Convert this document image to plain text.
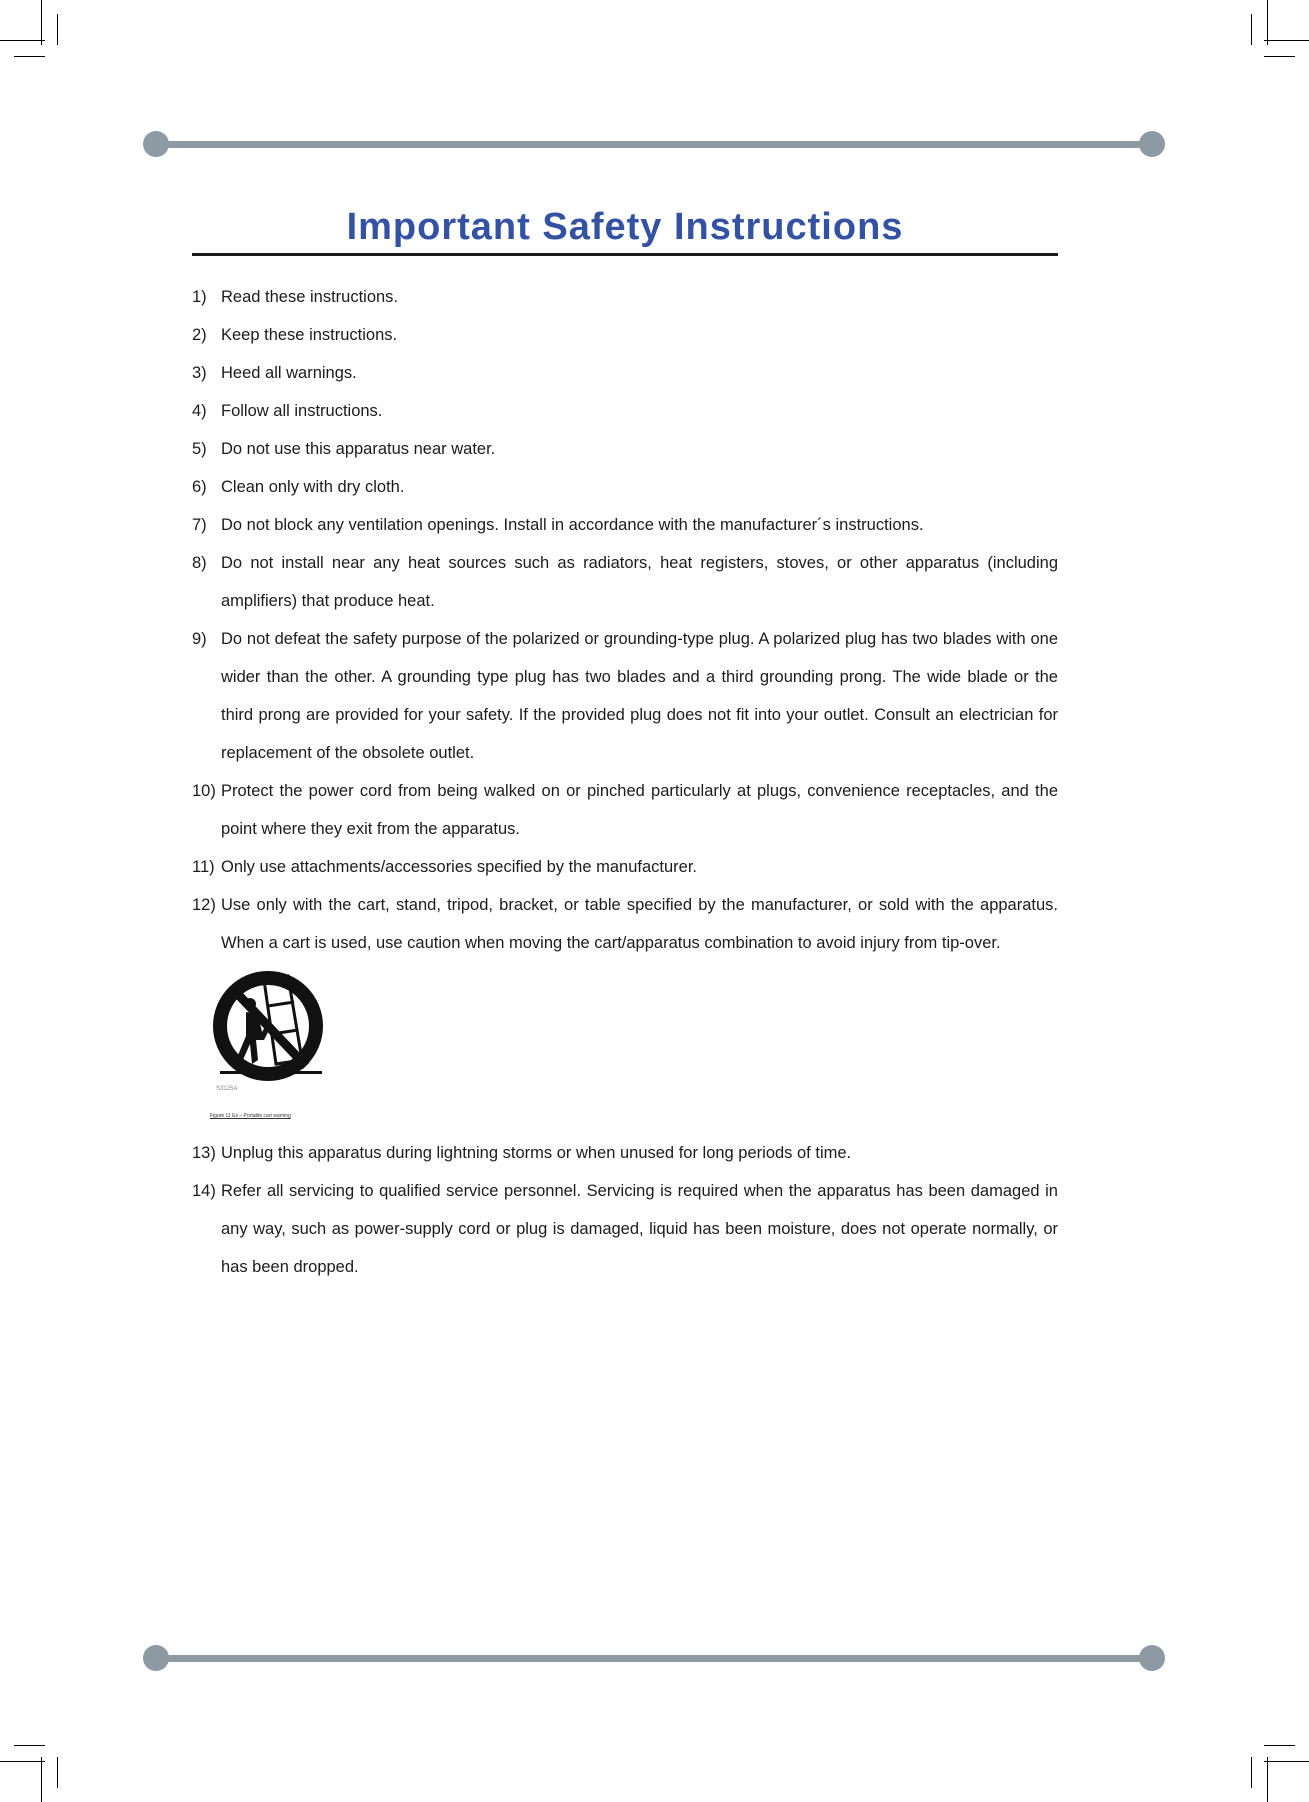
Important Safety Instructions
1) Read these instructions.
2) Keep these instructions.
3) Heed all warnings.
4) Follow all instructions.
5) Do not use this apparatus near water.
6) Clean only with dry cloth.
7) Do not block any ventilation openings. Install in accordance with the manufacturer´s instructions.
8) Do not install near any heat sources such as radiators, heat registers, stoves, or other apparatus (including amplifiers) that produce heat.
9) Do not defeat the safety purpose of the polarized or grounding-type plug. A polarized plug has two blades with one wider than the other. A grounding type plug has two blades and a third grounding prong. The wide blade or the third prong are provided for your safety. If the provided plug does not fit into your outlet. Consult an electrician for replacement of the obsolete outlet.
10) Protect the power cord from being walked on or pinched particularly at plugs, convenience receptacles, and the point where they exit from the apparatus.
11) Only use attachments/accessories specified by the manufacturer.
12) Use only with the cart, stand, tripod, bracket, or table specified by the manufacturer, or sold with the apparatus. When a cart is used, use caution when moving the cart/apparatus combination to avoid injury from tip-over.
S3125A
Figure 11 Ex – Portable cart warning
13) Unplug this apparatus during lightning storms or when unused for long periods of time.
14) Refer all servicing to qualified service personnel. Servicing is required when the apparatus has been damaged in any way, such as power-supply cord or plug is damaged, liquid has been moisture, does not operate normally, or has been dropped.
